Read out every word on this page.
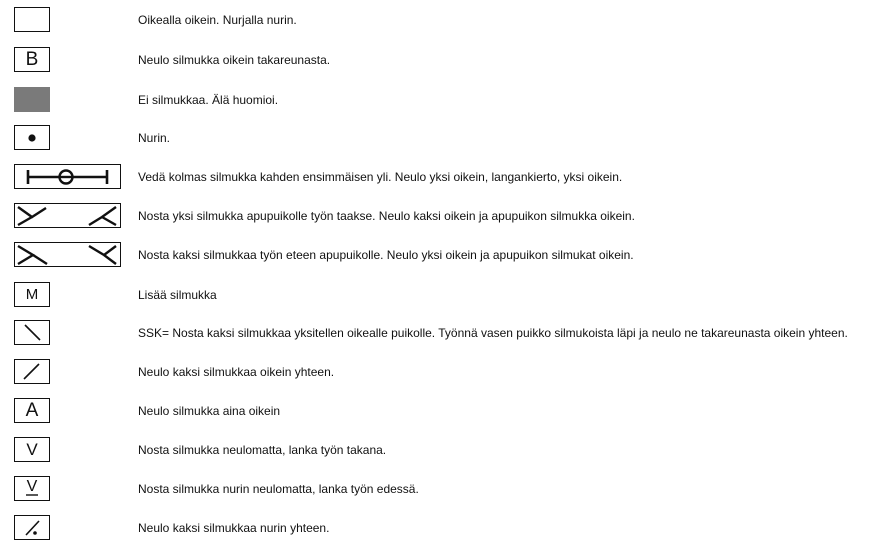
Oikealla oikein. Nurjalla nurin.
B	Neulo silmukka oikein takareunasta.
Ei silmukkaa. Älä huomioi.
Nurin.
Vedä kolmas silmukka kahden ensimmäisen yli. Neulo yksi oikein, langankierto, yksi oikein.
Nosta yksi silmukka apupuikolle työn taakse. Neulo kaksi oikein ja apupuikon silmukka oikein.
Nosta kaksi silmukkaa työn eteen apupuikolle. Neulo yksi oikein ja apupuikon silmukat oikein.
M	Lisää silmukka
SSK= Nosta kaksi silmukkaa yksitellen oikealle puikolle. Työnnä vasen puikko silmukoista läpi ja neulo ne takareunasta oikein yhteen.
Neulo kaksi silmukkaa oikein yhteen.
A	Neulo silmukka aina oikein
V	Nosta silmukka neulomatta, lanka työn takana.
V	Nosta silmukka nurin neulomatta, lanka työn edessä.
Neulo kaksi silmukkaa nurin yhteen.
